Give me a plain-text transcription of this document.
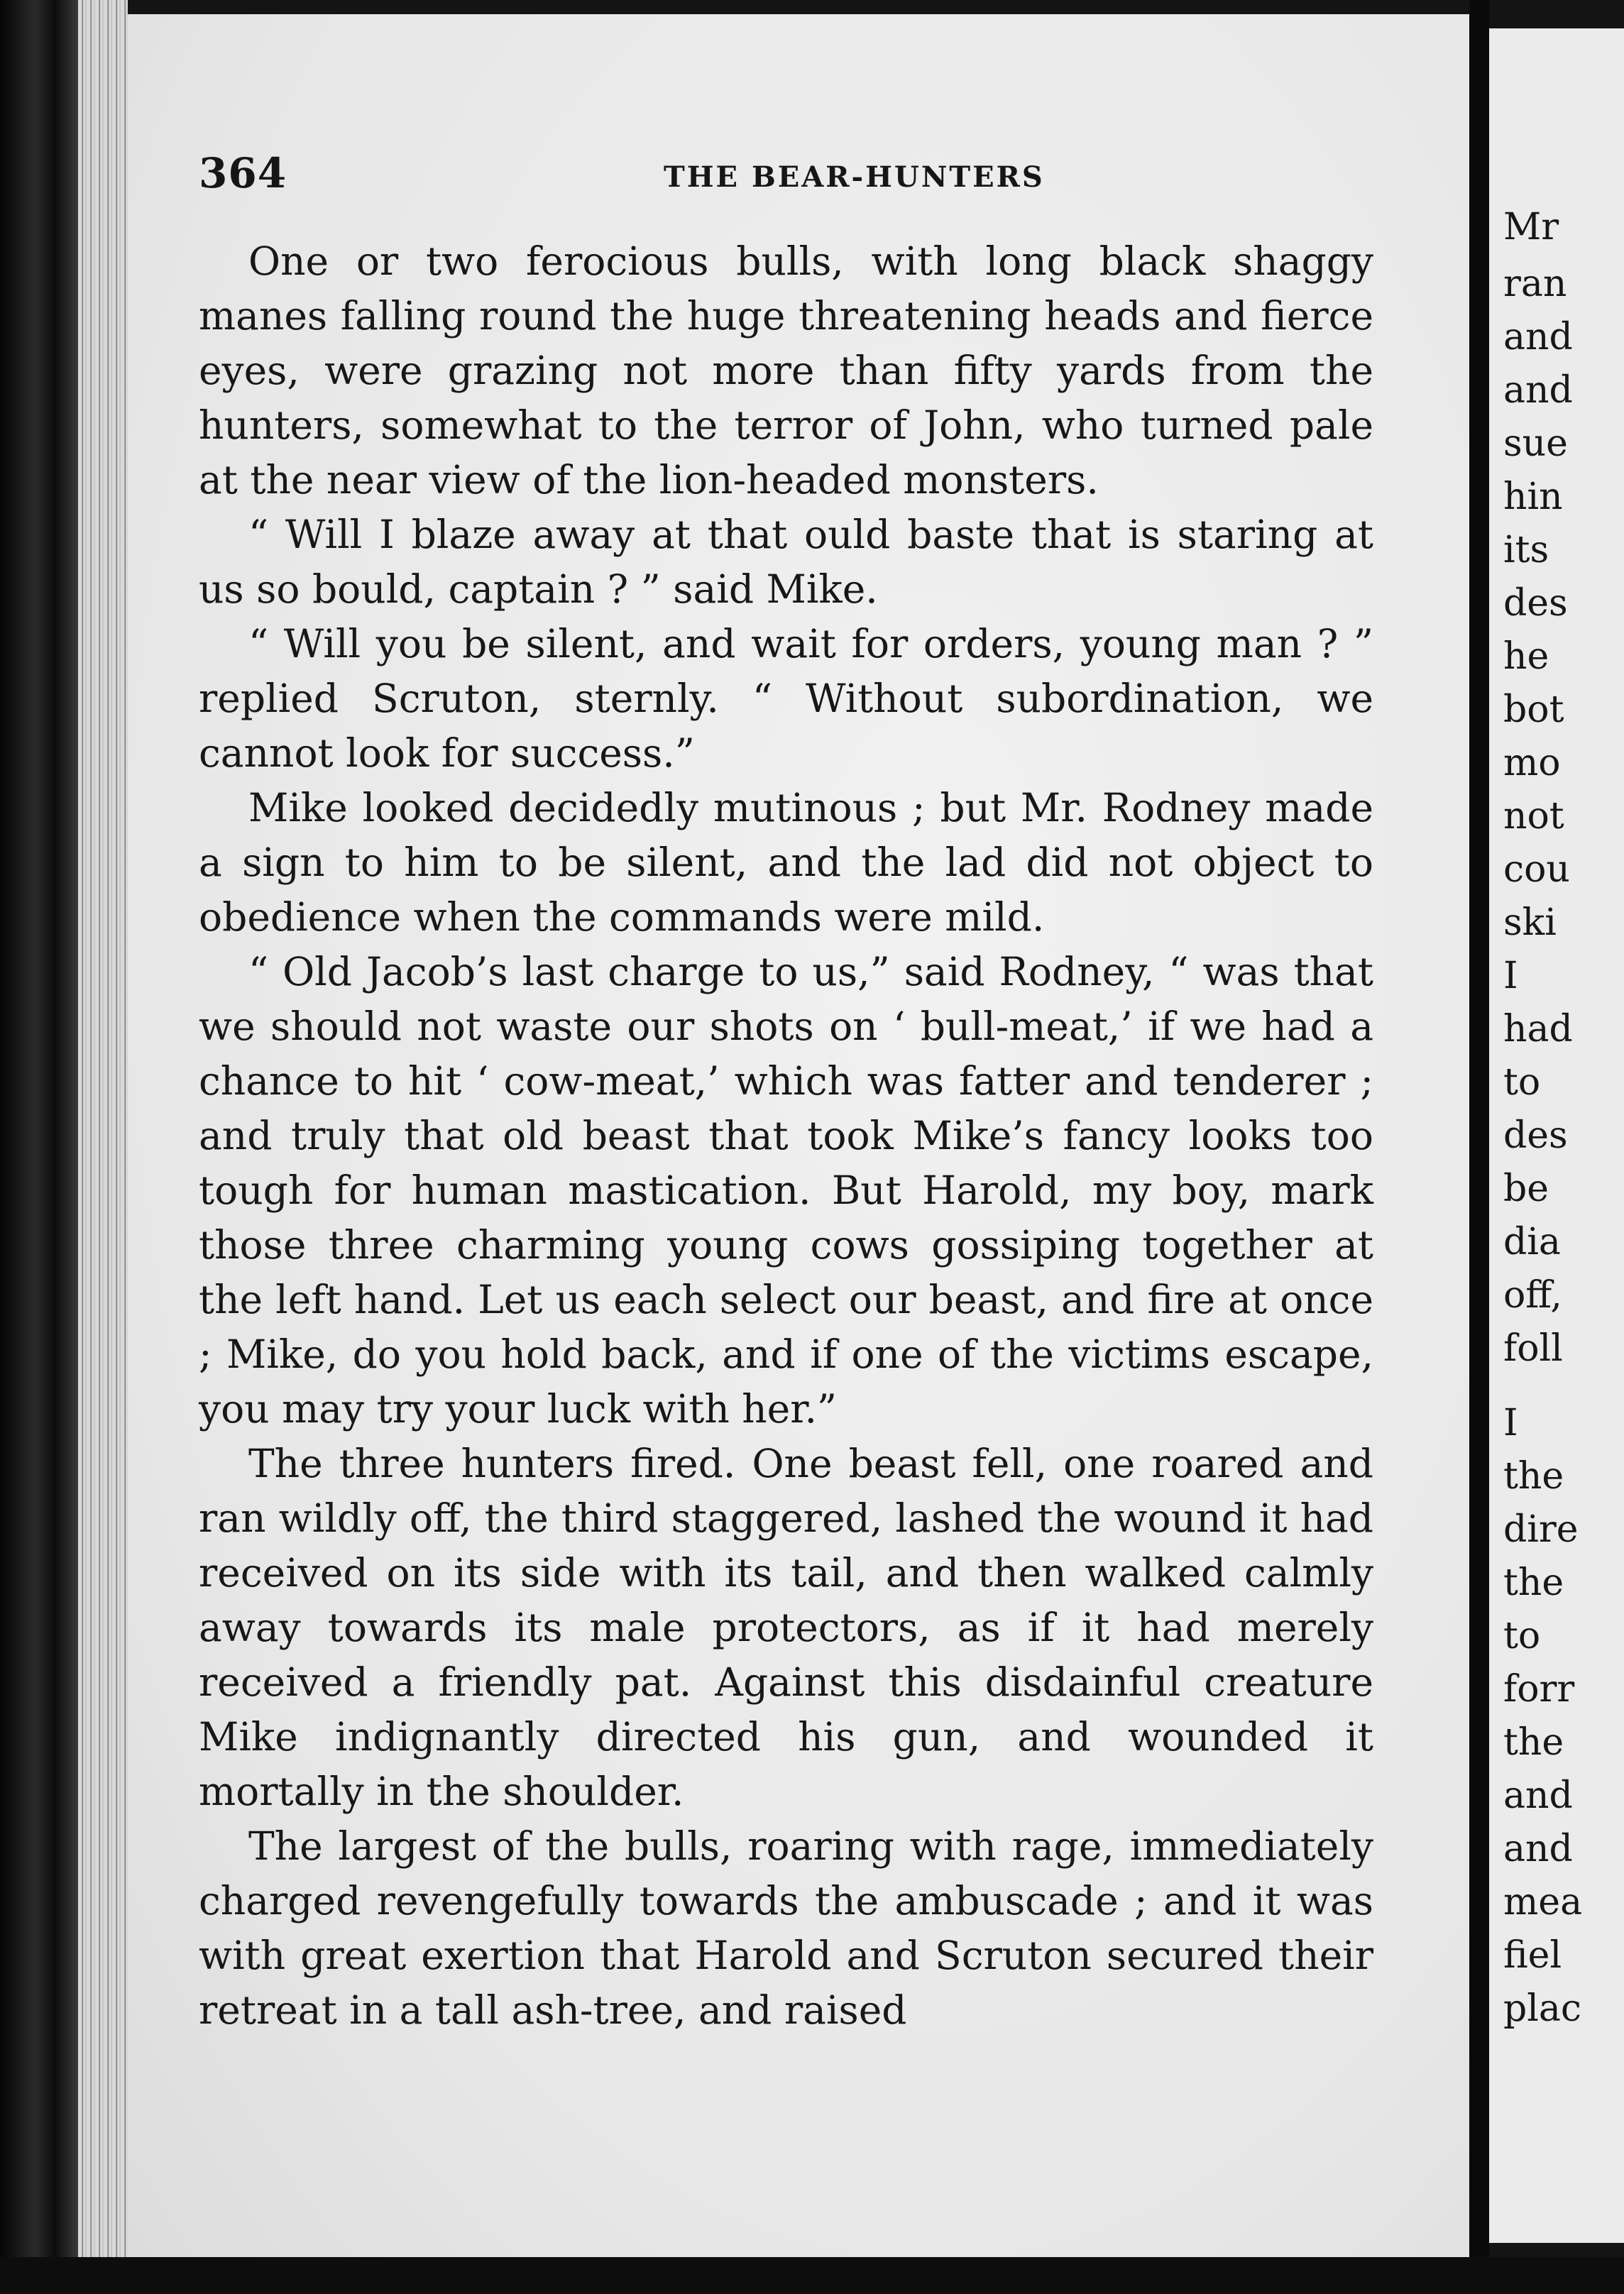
364	THE BEAR-HUNTERS

One or two ferocious bulls, with long black shaggy manes falling round the huge threatening heads and fierce eyes, were grazing not more than fifty yards from the hunters, somewhat to the terror of John, who turned pale at the near view of the lion-headed monsters.

“ Will I blaze away at that ould baste that is staring at us so bould, captain ? ” said Mike.

“ Will you be silent, and wait for orders, young man ? ” replied Scruton, sternly. “ Without subordination, we cannot look for success.”

Mike looked decidedly mutinous ; but Mr. Rodney made a sign to him to be silent, and the lad did not object to obedience when the commands were mild.

“ Old Jacob’s last charge to us,” said Rodney, “ was that we should not waste our shots on ‘ bull-meat,’ if we had a chance to hit ‘ cow-meat,’ which was fatter and tenderer ; and truly that old beast that took Mike’s fancy looks too tough for human mastication. But Harold, my boy, mark those three charming young cows gossiping together at the left hand. Let us each select our beast, and fire at once ; Mike, do you hold back, and if one of the victims escape, you may try your luck with her.”

The three hunters fired. One beast fell, one roared and ran wildly off, the third staggered, lashed the wound it had received on its side with its tail, and then walked calmly away towards its male protectors, as if it had merely received a friendly pat. Against this disdainful creature Mike indignantly directed his gun, and wounded it mortally in the shoulder.

The largest of the bulls, roaring with rage, immediately charged revengefully towards the ambuscade ; and it was with great exertion that Harold and Scruton secured their retreat in a tall ash-tree, and raised

Mr
ran
and
and
sue
hin
its
des
he
bot
mo
not
cou
ski
I
had
to
des
be
dia
off,
foll
I
the
dire
the
to
forr
the
and
and
mea
fiel
plac
